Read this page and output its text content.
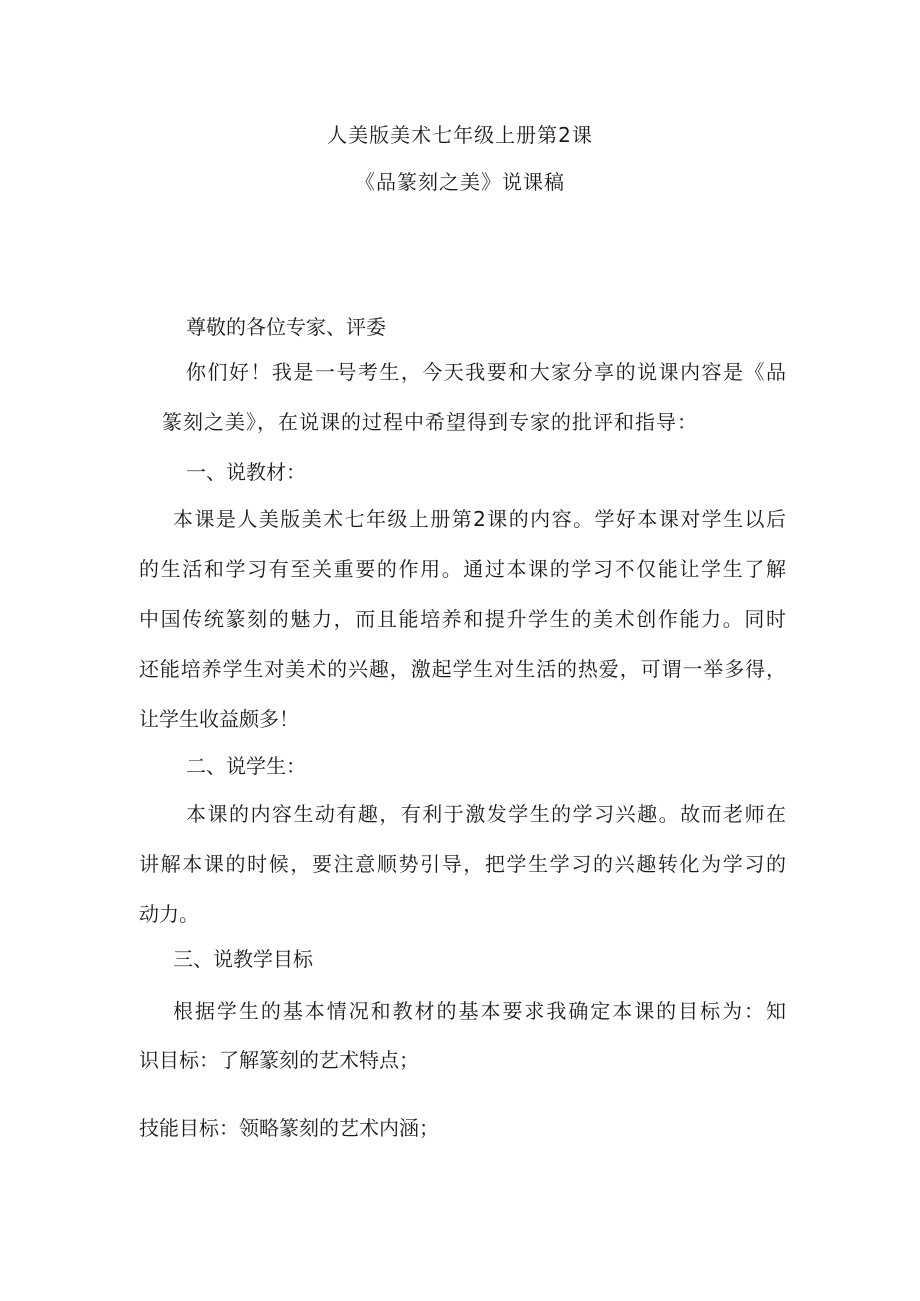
人美版美术七年级上册第2课
《品篆刻之美》说课稿
尊敬的各位专家、评委
你们好！我是一号考生，今天我要和大家分享的说课内容是《品
篆刻之美》，在说课的过程中希望得到专家的批评和指导：
一、说教材：
本课是人美版美术七年级上册第2课的内容。学好本课对学生以后
的生活和学习有至关重要的作用。通过本课的学习不仅能让学生了解
中国传统篆刻的魅力，而且能培养和提升学生的美术创作能力。同时
还能培养学生对美术的兴趣，激起学生对生活的热爱，可谓一举多得，
让学生收益颇多！
二、说学生：
本课的内容生动有趣，有利于激发学生的学习兴趣。故而老师在
讲解本课的时候，要注意顺势引导，把学生学习的兴趣转化为学习的
动力。
三、说教学目标
根据学生的基本情况和教材的基本要求我确定本课的目标为：知
识目标：了解篆刻的艺术特点；
技能目标：领略篆刻的艺术内涵；
